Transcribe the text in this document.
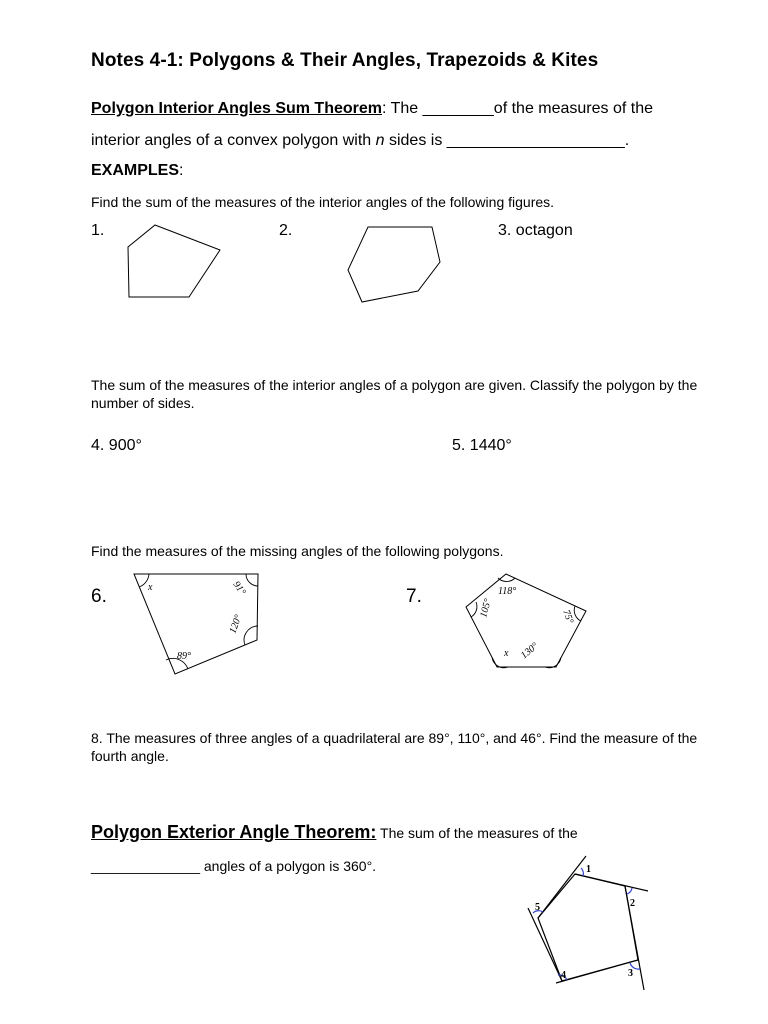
Notes 4-1: Polygons & Their Angles, Trapezoids & Kites
Polygon Interior Angles Sum Theorem: The ________of the measures of the
interior angles of a convex polygon with n sides is ____________________.
EXAMPLES:
Find the sum of the measures of the interior angles of the following figures.
1.	2.	3. octagon
The sum of the measures of the interior angles of a polygon are given. Classify the polygon by the number of sides.
4. 900°	5. 1440°
Find the measures of the missing angles of the following polygons.
6.	7.
x	91°
120°
89°
118°
105°	75°
130°
x
8. The measures of three angles of a quadrilateral are 89°, 110°, and 46°. Find the measure of the fourth angle.
Polygon Exterior Angle Theorem: The sum of the measures of the
______________ angles of a polygon is 360°.	1
2
3
4
5
